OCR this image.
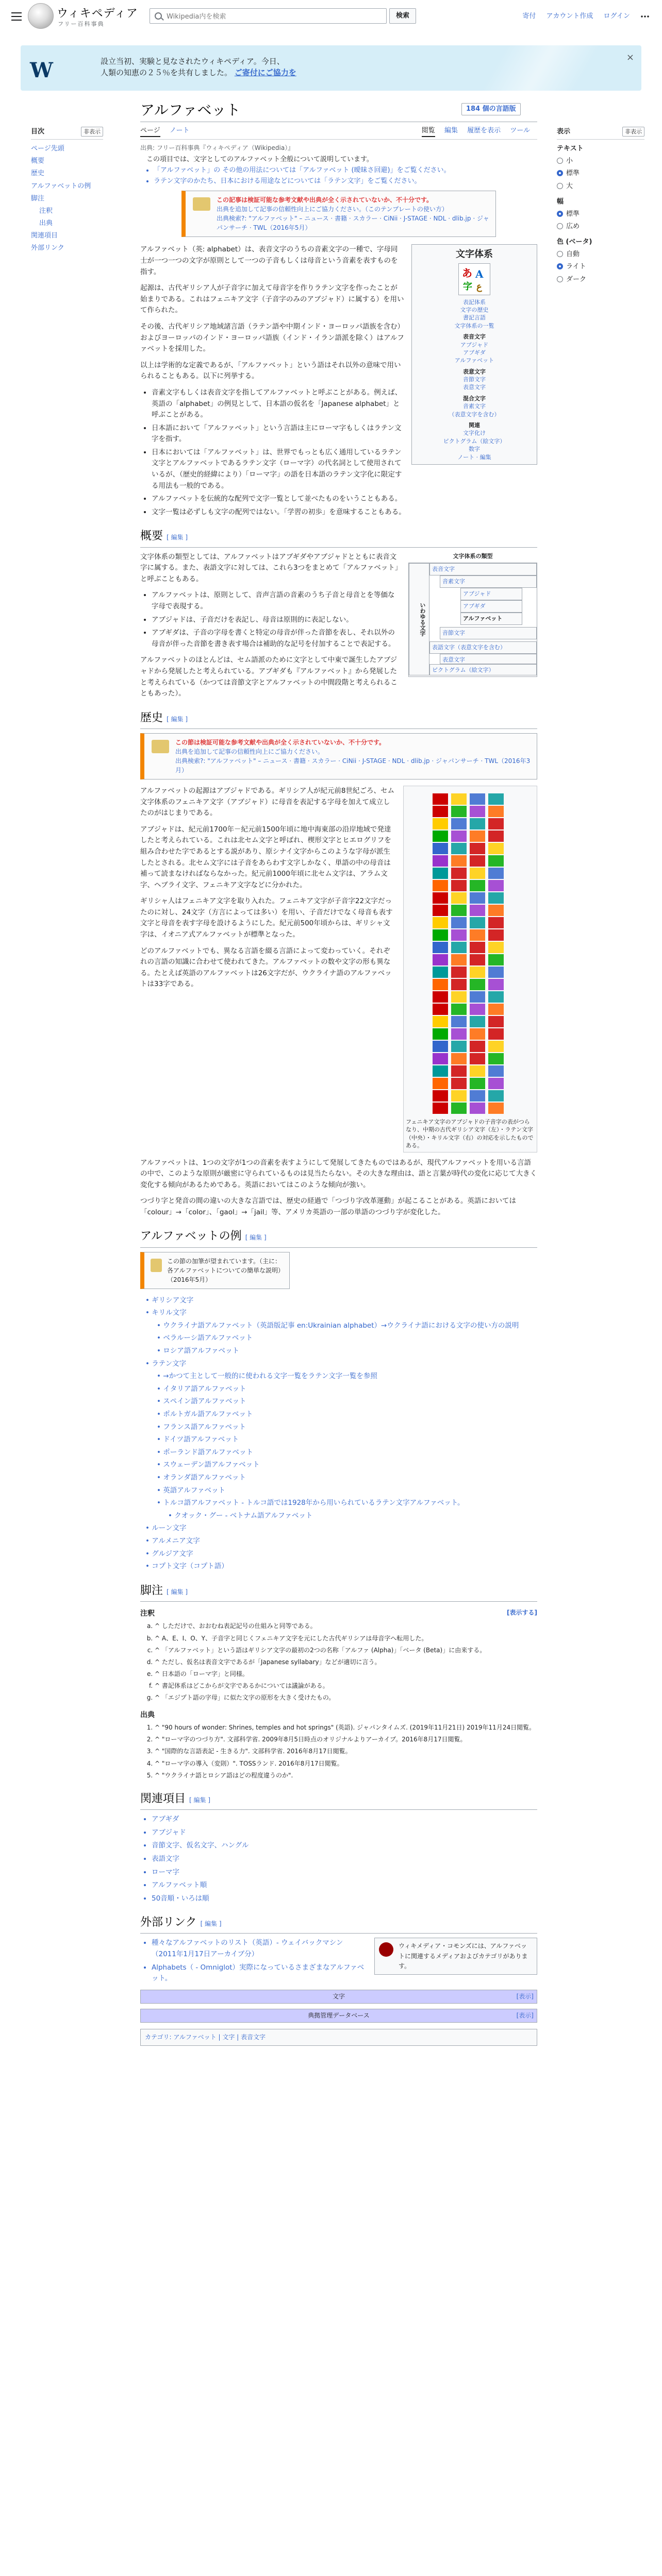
ウィキペディア
フリー百科事典
Wikipedia内を検索
検索	寄付 アカウント作成 ログイン
W	設立当初、実験と見なされたウィキペディア。今日、
人類の知恵の２５％を共有しました。 ご寄付にご協力を
×
非表示
目次
ページ先頭
概要
歴史
アルファベットの例
脚注
注釈
出典
関連項目
外部リンク
アルファベット	184 個の言語版
ページ ノート	閲覧 編集 履歴を表示 ツール
出典: フリー百科事典『ウィキペディア（Wikipedia）』
非表示
表示
テキスト
小
標準
大
幅
標準
広め
色 (ベータ)
自動
ライト
ダーク
この項目では、文字としてのアルファベット全般について説明しています。
• 「アルファベット」の その他の用法については「アルファベット (曖昧さ回避)」をご覧ください。
• ラテン文字のかたち、日本における用途などについては「ラテン文字」をご覧ください。
この記事は検証可能な参考文献や出典が全く示されていないか、不十分です。
出典を追加して記事の信頼性向上にご協力ください。（このテンプレートの使い方）
出典検索?: "アルファベット" – ニュース · 書籍 · スカラー · CiNii · J-STAGE · NDL · dlib.jp · ジャパンサーチ · TWL（2016年5月）
文字体系
あ A
字 ع
表記体系
文字の歴史
書記言語
文字体系の一覧
表音文字
アブジャド
アブギダ
アルファベット
表意文字
音節文字
表意文字
混合文字
音素文字
（表意文字を含む）
関連
文字化け
ピクトグラム（絵文字）
数字
ノート · 編集

アルファベット（英: alphabet）は、表音文字のうちの音素文字の一種で、字母同士が一つ一つの文字が原則として一つの子音もしくは母音という音素を表すものを指す。

起源は、古代ギリシア人が子音字に加えて母音字を作りラテン文字を作ったことが始まりである。これはフェニキア文字（子音字のみのアブジャド）に属する）を用いて作られた。

その後、古代ギリシア地域諸言語（ラテン語や中期インド・ヨーロッパ語族を含む）およびヨーロッパのインド・ヨーロッパ語族（インド・イラン語派を除く）はアルファベットを採用した。

以上は学術的な定義であるが、「アルファベット」という語はそれ以外の意味で用いられることもある。以下に列挙する。

• 音素文字もしくは表音文字を指してアルファベットと呼ぶことがある。例えば、英語の「alphabet」の例見として、日本語の仮名を「Japanese alphabet」と呼ぶことがある。
• 日本語において「アルファベット」という言語は主にローマ字もしくはラテン文字を指す。
• 日本においては「アルファベット」は、世界でもっとも広く通用しているラテン文字とアルファベットであるラテン文字（ローマ字）の代名詞として使用されているが、（歴史的経緯により）「ローマ字」の語を日本語のラテン文字化に限定する用法も一般的である。
• アルファベットを伝統的な配列で文字一覧として並べたものをいうこともある。
• 文字一覧は必ずしも文字の配列ではない。「学習の初歩」を意味することもある。
概要 [ 編集 ]
文字体系の類型
いわゆる文字
表音文字
音素文字
アブジャド
アブギダ
アルファベット
音節文字
表語文字（表意文字を含む）
表意文字
ピクトグラム（絵文字）

文字体系の類型としては、アルファベットはアブギダやアブジャドとともに表音文字に属する。また、表語文字に対しては、これら3つをまとめて「アルファベット」と呼ぶこともある。

• アルファベットは、原則として、音声言語の音素のうち子音と母音とを等価な字母で表現する。
• アブジャドは、子音だけを表記し、母音は原則的に表記しない。
• アブギダは、子音の字母を書くと特定の母音が伴った音節を表し、それ以外の母音が伴った音節を書き表す場合は補助的な記号を付加することで表記する。

アルファベットのほとんどは、セム語派のために文字として中東で誕生したアブジャドから発展したと考えられている。アブギダも『アルファベット』から発展したと考えられている（かつては音節文字とアルファベットの中間段階と考えられることもあった）。

歴史 [ 編集 ]
この節は検証可能な参考文献や出典が全く示されていないか、不十分です。
出典を追加して記事の信頼性向上にご協力ください。
出典検索?: "アルファベット" – ニュース · 書籍 · スカラー · CiNii · J-STAGE · NDL · dlib.jp · ジャパンサーチ · TWL（2016年3月）
フェニキア文字のアブジャドの子音字の表がつらなり、中期の古代ギリシア文字（左）・ラテン文字（中央）・キリル文字（右）の対応を示したものである。

アルファベットの起源はアブジャドである。ギリシア人が紀元前8世紀ごろ、セム文字体系のフェニキア文字（アブジャド）に母音を表記する字母を加えて成立したのがはじまりである。

アブジャドは、紀元前1700年－紀元前1500年頃に地中海東部の沿岸地域で発達したと考えられている。これは北セム文字と呼ばれ、楔形文字とヒエログリフを組み合わせた字であるとする説があり、原シナイ文字からこのような字母が派生したとされる。北セム文字には子音をあらわす文字しかなく、単語の中の母音は補って読まなければならなかった。紀元前1000年頃に北セム文字は、アラム文字、ヘブライ文字、フェニキア文字などに分かれた。

ギリシャ人はフェニキア文字を取り入れた。フェニキア文字が子音字22文字だったのに対し、24文字（方言によっては多い）を用い、子音だけでなく母音も表す文字と母音を表す字母を設けるようにした。紀元前500年頃からは、ギリシャ文字は、イオニア式アルファベットが標準となった。

どのアルファベットでも、異なる言語を綴る言語によって変わっていく。それぞれの言語の知識に合わせて使われてきた。アルファベットの数や文字の形も異なる。たとえば英語のアルファベットは26文字だが、ウクライナ語のアルファベットは33字である。

アルファベットは、1つの文字が1つの音素を表すようにして発展してきたものではあるが、現代アルファベットを用いる言語の中で、このような原則が厳密に守られているものは見当たらない。その大きな理由は、語と言葉が時代の変化に応じて大きく変化する傾向があるためである。英語においてはこのような傾向が強い。

つづり字と発音の間の違いの大きな言語では、歴史の経過で「つづり字改革運動」が起こることがある。英語においては「colour」→「color」、「gaol」→「jail」等、アメリカ英語の一部の単語のつづり字が変化した。

アルファベットの例 [ 編集 ]
この節の加筆が望まれています。（主に：各アルファベットについての簡単な説明）（2016年5月）
• ギリシア文字
• キリル文字
• ウクライナ語アルファベット（英語版記事 en:Ukrainian alphabet）→ウクライナ語における文字の使い方の説明
• ベラルーシ語アルファベット
• ロシア語アルファベット
• ラテン文字
• →かつて主として一般的に使われる文字一覧をラテン文字一覧を参照
• イタリア語アルファベット
• スペイン語アルファベット
• ポルトガル語アルファベット
• フランス語アルファベット
• ドイツ語アルファベット
• ポーランド語アルファベット
• スウェーデン語アルファベット
• オランダ語アルファベット
• 英語アルファベット
• トルコ語アルファベット - トルコ語では1928年から用いられているラテン文字アルファベット。
• クオック・グー - ベトナム語アルファベット
• ルーン文字
• アルメニア文字
• グルジア文字
• コプト文字（コプト語）
脚注 [ 編集 ]
注釈	[表示する]
a. ^ しただけで、おおむね表記記号の仕組みと同等である。
b. ^ A、E、I、O、Y、子音字と同じくフェニキア文字を元にした古代ギリシアは母音字へ転用した。
c. ^ 「アルファベット」という語はギリシア文字の最初の2つの名称「アルファ (Alpha)」「ベータ (Beta)」に由来する。
d. ^ ただし、仮名は表音文字であるが「Japanese syllabary」などが適切に言う。
e. ^ 日本語の「ローマ字」と同様。
f. ^ 書記体系はどこからが文字であるかについては議論がある。
g. ^ 「エジプト語の字母」に似た文字の原形を大きく受けたもの。
出典
1. ^ "90 hours of wonder: Shrines, temples and hot springs" (英語). ジャパンタイムズ. (2019年11月21日) 2019年11月24日閲覧。
2. ^ "ローマ字のつづり方". 文部科学省. 2009年8月5日時点のオリジナルよりアーカイブ。2016年8月17日閲覧。
3. ^ "国際的な言語表記 - 生きる力". 文部科学省. 2016年8月17日閲覧。
4. ^ "ローマ字の導入（変則）". TOSSランド. 2016年8月17日閲覧。
5. ^ "ウクライナ語とロシア語はどの程度違うのか".
関連項目 [ 編集 ]
• アブギダ
• アブジャド
• 音節文字、仮名文字、ハングル
• 表語文字
• ローマ字
• アルファベット順
• 50音順・いろは順
外部リンク [ 編集 ]
ウィキメディア・コモンズには、アルファベットに関連するメディアおよびカテゴリがあります。
• 種々なアルファベットのリスト（英語）- ウェイバックマシン（2011年1月17日アーカイブ分）
• Alphabets（ - Omniglot）実際になっているさまざまなアルファベット。
[表示]
文字
[表示]
典拠管理データベース
カテゴリ: アルファベット | 文字 | 表音文字
